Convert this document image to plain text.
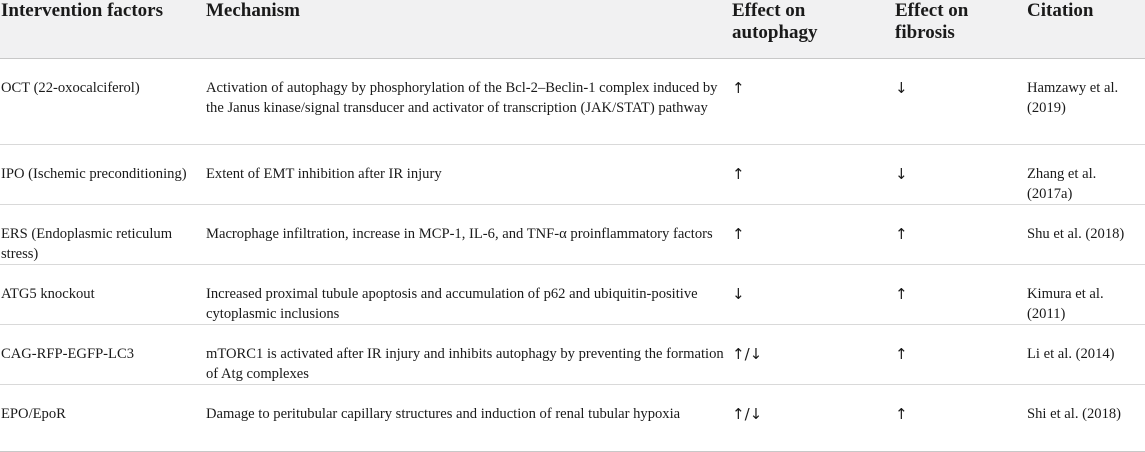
Intervention factors	Mechanism	Effect on autophagy	Effect on fibrosis	Citation

OCT (22-oxocalciferol)	Activation of autophagy by phosphorylation of the Bcl-2–Beclin-1 complex induced by the Janus kinase/signal transducer and activator of transcription (JAK/STAT) pathway	↑	↓	Hamzawy et al. (2019)
IPO (Ischemic preconditioning)	Extent of EMT inhibition after IR injury	↑	↓	Zhang et al. (2017a)
ERS (Endoplasmic reticulum stress)	Macrophage infiltration, increase in MCP-1, IL-6, and TNF-α proinflammatory factors	↑	↑	Shu et al. (2018)
ATG5 knockout	Increased proximal tubule apoptosis and accumulation of p62 and ubiquitin-positive cytoplasmic inclusions	↓	↑	Kimura et al. (2011)
CAG-RFP-EGFP-LC3	mTORC1 is activated after IR injury and inhibits autophagy by preventing the formation of Atg complexes	↑/↓	↑	Li et al. (2014)
EPO/EpoR	Damage to peritubular capillary structures and induction of renal tubular hypoxia	↑/↓	↑	Shi et al. (2018)
